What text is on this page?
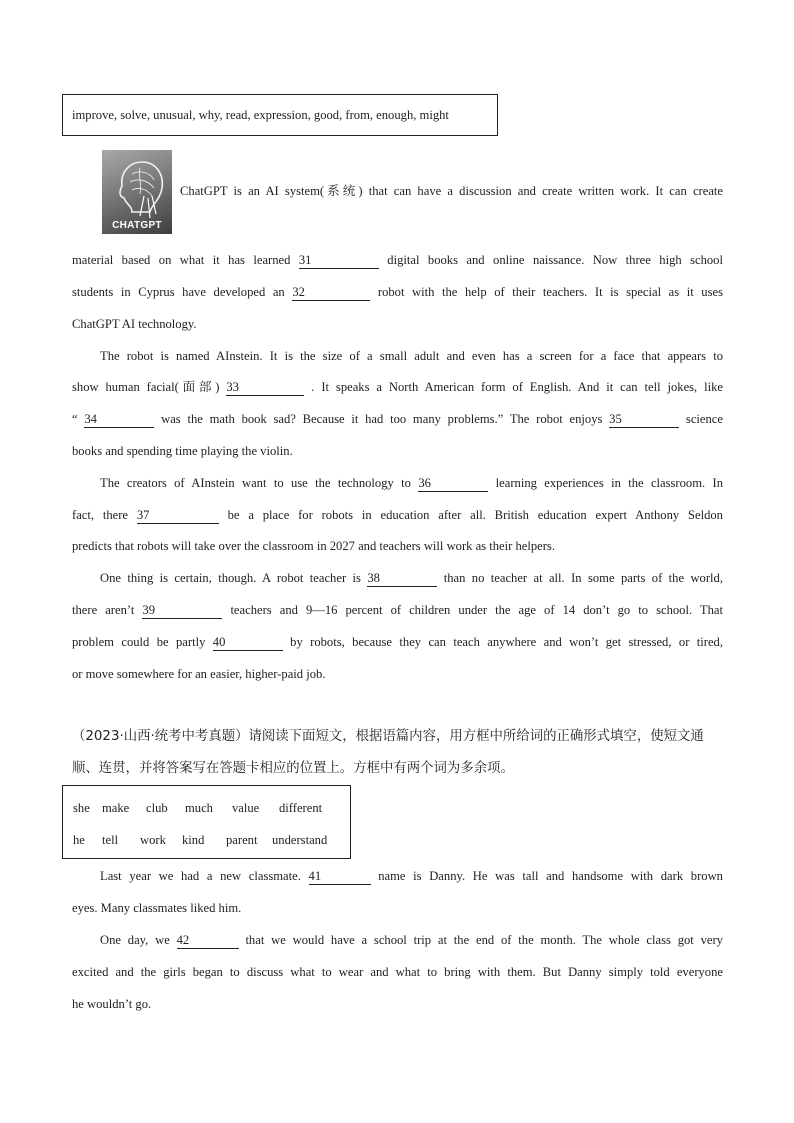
improve, solve, unusual, why, read, expression, good, from, enough, might
CHATGPT
ChatGPT is an AI system(系统) that can have a discussion and create written work. It can create
material based on what it has learned 31	digital books and online naissance. Now three high school
students in Cyprus have developed an 32	robot with the help of their teachers. It is special as it uses
ChatGPT AI technology.
The robot is named AInstein. It is the size of a small adult and even has a screen for a face that appears to
show human facial(面部) 33	. It speaks a North American form of English. And it can tell jokes, like
“ 34	was the math book sad? Because it had too many problems.” The robot enjoys 35	science
books and spending time playing the violin.
The creators of AInstein want to use the technology to 36	learning experiences in the classroom. In
fact, there 37	be a place for robots in education after all. British education expert Anthony Seldon
predicts that robots will take over the classroom in 2027 and teachers will work as their helpers.
One thing is certain, though. A robot teacher is 38	than no teacher at all. In some parts of the world,
there aren’t 39	teachers and 9—16 percent of children under the age of 14 don’t go to school. That
problem could be partly 40	by robots, because they can teach anywhere and won’t get stressed, or tired,
or move somewhere for an easier, higher-paid job.
（2023·山西·统考中考真题）请阅读下面短文，根据语篇内容，用方框中所给词的正确形式填空，使短文通
顺、连贯，并将答案写在答题卡相应的位置上。方框中有两个词为多余项。
she make club much value different
he tell work kind parent understand
Last year we had a new classmate. 41	name is Danny. He was tall and handsome with dark brown
eyes. Many classmates liked him.
One day, we 42	that we would have a school trip at the end of the month. The whole class got very
excited and the girls began to discuss what to wear and what to bring with them. But Danny simply told everyone
he wouldn’t go.
